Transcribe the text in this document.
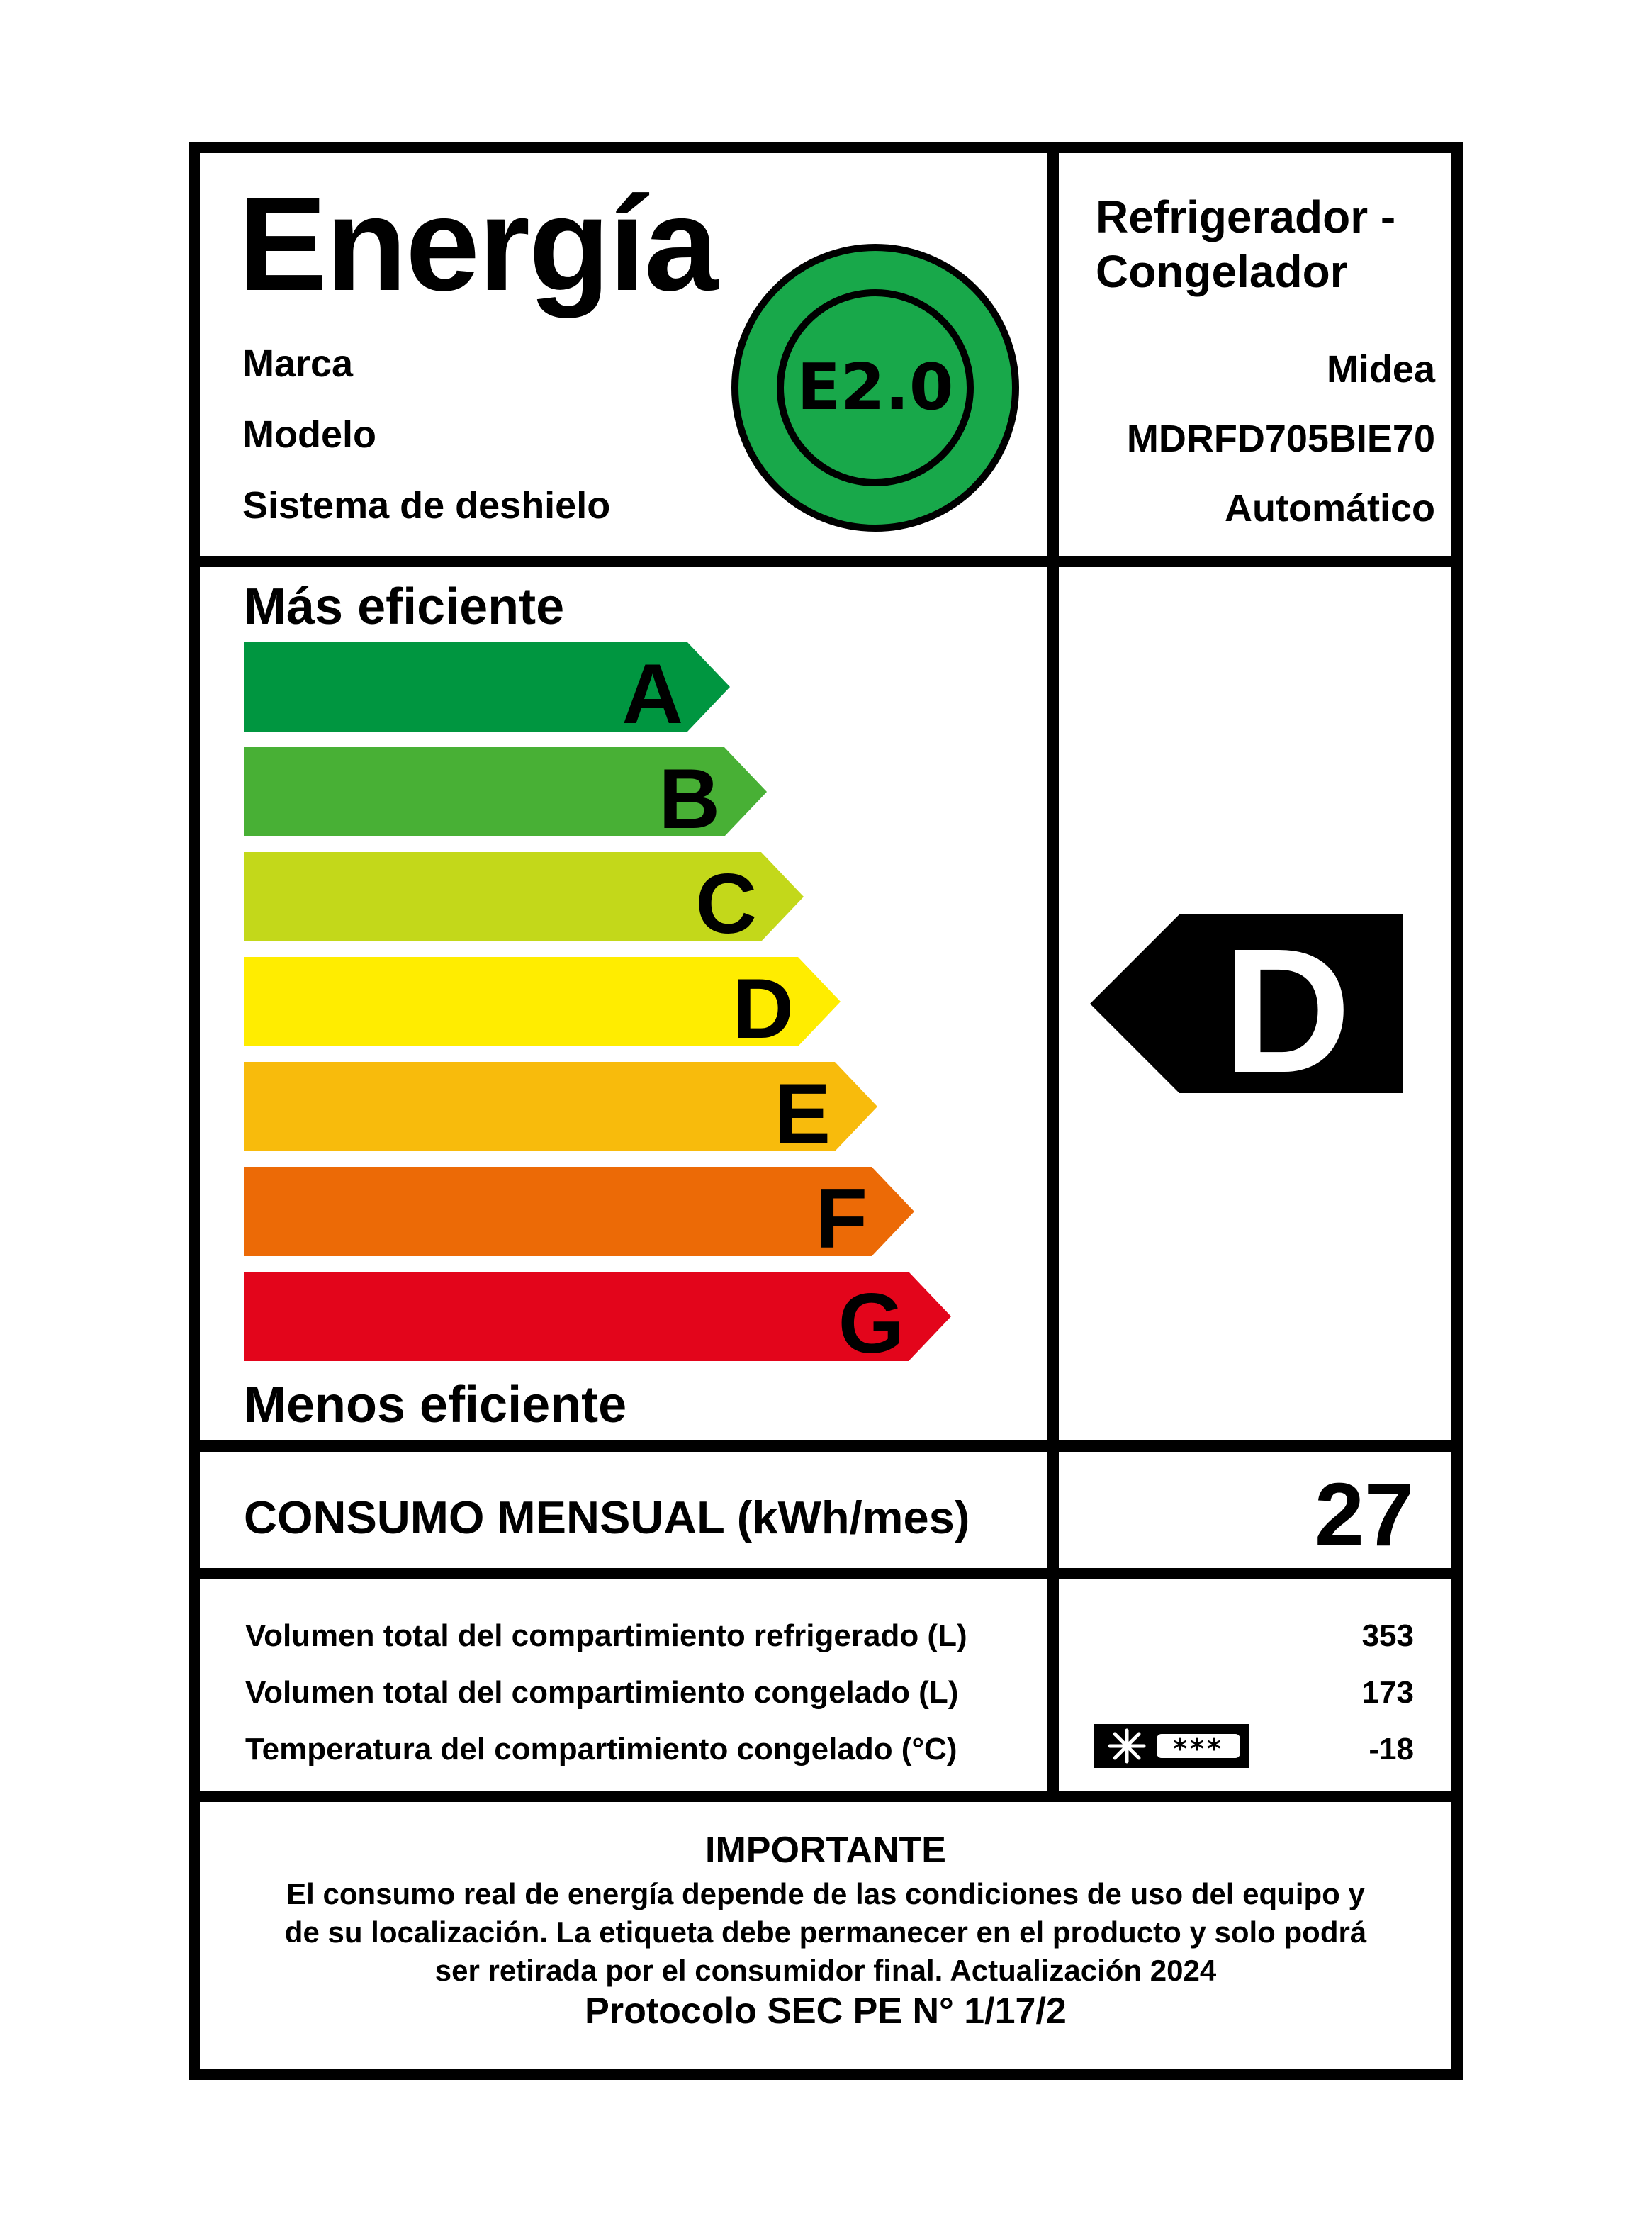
Energía
Marca
Modelo
Sistema de deshielo
E2.0
Refrigerador -
Congelador
Midea
MDRFD705BIE70
Automático
Más eficiente
A
B
C
D
E
F
G
Menos eficiente
D
CONSUMO MENSUAL (kWh/mes)	27
Volumen total del compartimiento refrigerado (L)
Volumen total del compartimiento congelado (L)
Temperatura del compartimiento congelado (°C)	***
353
173
-18
IMPORTANTE
El consumo real de energía depende de las condiciones de uso del equipo y
de su localización. La etiqueta debe permanecer en el producto y solo podrá
ser retirada por el consumidor final. Actualización 2024
Protocolo SEC PE N° 1/17/2
